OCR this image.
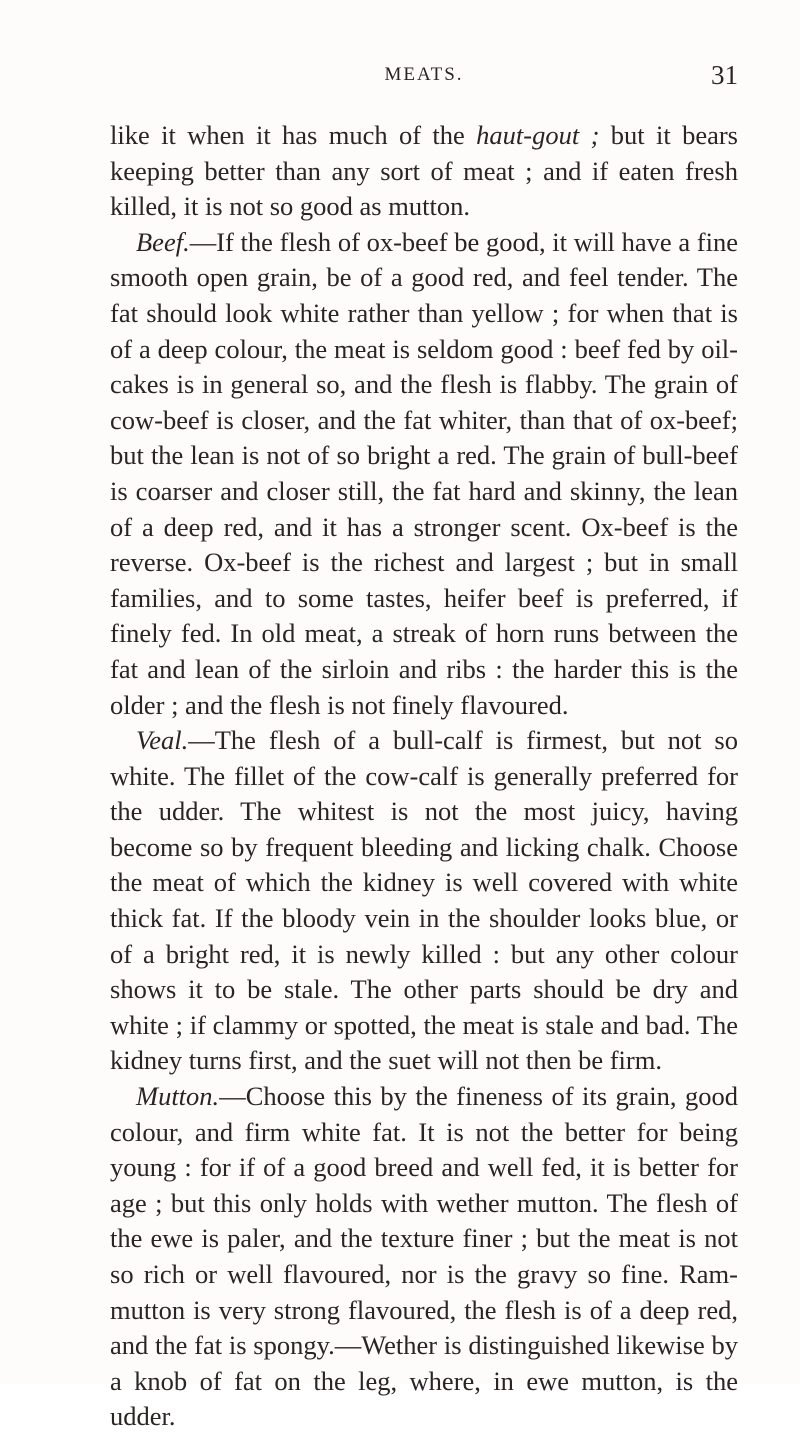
MEATS.	31

like it when it has much of the haut-gout ; but it bears keeping better than any sort of meat ; and if eaten fresh killed, it is not so good as mutton.

Beef.—If the flesh of ox-beef be good, it will have a fine smooth open grain, be of a good red, and feel tender. The fat should look white rather than yellow ; for when that is of a deep colour, the meat is seldom good : beef fed by oil-cakes is in general so, and the flesh is flabby. The grain of cow-beef is closer, and the fat whiter, than that of ox-beef; but the lean is not of so bright a red. The grain of bull-beef is coarser and closer still, the fat hard and skinny, the lean of a deep red, and it has a stronger scent. Ox-beef is the reverse. Ox-beef is the richest and largest ; but in small families, and to some tastes, heifer beef is preferred, if finely fed. In old meat, a streak of horn runs between the fat and lean of the sirloin and ribs : the harder this is the older ; and the flesh is not finely flavoured.

Veal.—The flesh of a bull-calf is firmest, but not so white. The fillet of the cow-calf is generally preferred for the udder. The whitest is not the most juicy, having become so by frequent bleeding and licking chalk. Choose the meat of which the kidney is well covered with white thick fat. If the bloody vein in the shoulder looks blue, or of a bright red, it is newly killed : but any other colour shows it to be stale. The other parts should be dry and white ; if clammy or spotted, the meat is stale and bad. The kidney turns first, and the suet will not then be firm.

Mutton.—Choose this by the fineness of its grain, good colour, and firm white fat. It is not the better for being young : for if of a good breed and well fed, it is better for age ; but this only holds with wether mutton. The flesh of the ewe is paler, and the texture finer ; but the meat is not so rich or well flavoured, nor is the gravy so fine. Ram-mutton is very strong flavoured, the flesh is of a deep red, and the fat is spongy.—Wether is distinguished likewise by a knob of fat on the leg, where, in ewe mutton, is the udder.
